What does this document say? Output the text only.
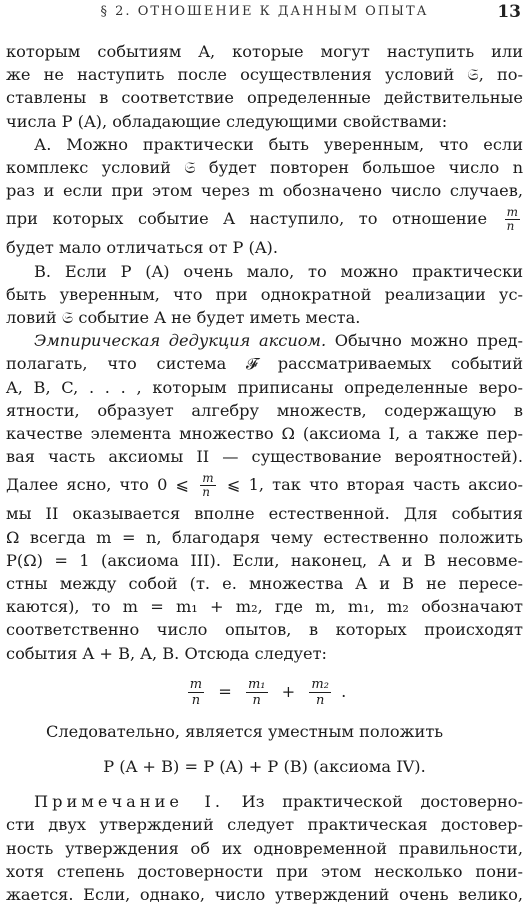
§ 2. ОТНОШЕНИЕ К ДАННЫМ ОПЫТА	13
которым событиям A, которые могут наступить или
же не наступить после осуществления условий 𝔖, по-
ставлены в соответствие определенные действительные
числа P (A), обладающие следующими свойствами:
А. Можно практически быть уверенным, что если
комплекс условий 𝔖 будет повторен большое число n
раз и если при этом через m обозначено число случаев,
при которых событие A наступило, то отношение $\frac{m}{n}$
будет мало отличаться от P (A).
В. Если P (A) очень мало, то можно практически
быть уверенным, что при однократной реализации ус-
ловий 𝔖 событие A не будет иметь места.
Эмпирическая дедукция аксиом. Обычно можно пред-
полагать, что система 𝓕 рассматриваемых событий
A, B, C, . . . , которым приписаны определенные веро-
ятности, образует алгебру множеств, содержащую в
качестве элемента множество Ω (аксиома I, а также пер-
вая часть аксиомы II — существование вероятностей).
Далее ясно, что 0 ⩽ $\frac{m}{n}$ ⩽ 1, так что вторая часть аксио-
мы II оказывается вполне естественной. Для события
Ω всегда m = n, благодаря чему естественно положить
P(Ω) = 1 (аксиома III). Если, наконец, A и B несовме-
стны между собой (т. е. множества A и B не пересе-
каются), то m = m₁ + m₂, где m, m₁, m₂ обозначают
соответственно число опытов, в которых происходят
события A + B, A, B. Отсюда следует:
$\frac{m}{n} = \frac{\text{m₁}}{n} + \frac{\text{m₂}}{n}$ .
Следовательно, является уместным положить
P (A + B) = P (A) + P (B) (аксиома IV).
Примечание I. Из практической достоверно-
сти двух утверждений следует практическая достовер-
ность утверждения об их одновременной правильности,
хотя степень достоверности при этом несколько пони-
жается. Если, однако, число утверждений очень велико,
